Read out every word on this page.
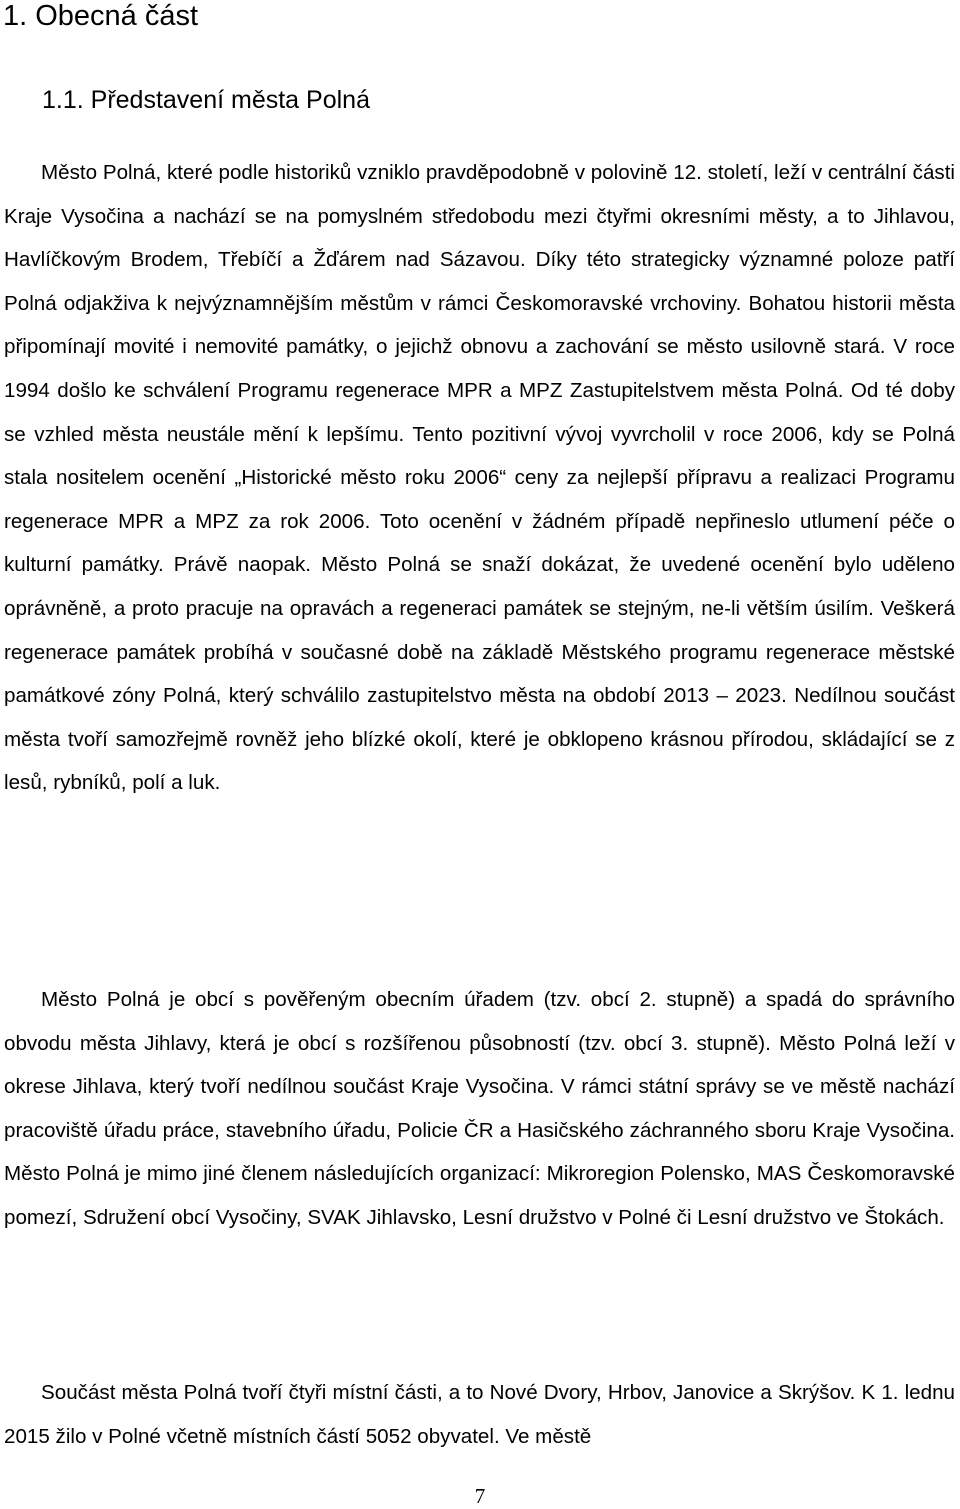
1. Obecná část
1.1. Představení města Polná

Město Polná, které podle historiků vzniklo pravděpodobně v polovině 12. století, leží v centrální části Kraje Vysočina a nachází se na pomyslném středobodu mezi čtyřmi okresními městy, a to Jihlavou, Havlíčkovým Brodem, Třebíčí a Žďárem nad Sázavou. Díky této strategicky významné poloze patří Polná odjakživa k nejvýznamnějším městům v rámci Českomoravské vrchoviny. Bohatou historii města připomínají movité i nemovité památky, o jejichž obnovu a zachování se město usilovně stará. V roce 1994 došlo ke schválení Programu regenerace MPR a MPZ Zastupitelstvem města Polná. Od té doby se vzhled města neustále mění k lepšímu. Tento pozitivní vývoj vyvrcholil v roce 2006, kdy se Polná stala nositelem ocenění „Historické město roku 2006“ ceny za nejlepší přípravu a realizaci Programu regenerace MPR a MPZ za rok 2006. Toto ocenění v žádném případě nepřineslo utlumení péče o kulturní památky. Právě naopak. Město Polná se snaží dokázat, že uvedené ocenění bylo uděleno oprávněně, a proto pracuje na opravách a regeneraci památek se stejným, ne-li větším úsilím. Veškerá regenerace památek probíhá v současné době na základě Městského programu regenerace městské památkové zóny Polná, který schválilo zastupitelstvo města na období 2013 – 2023. Nedílnou součást města tvoří samozřejmě rovněž jeho blízké okolí, které je obklopeno krásnou přírodou, skládající se z lesů, rybníků, polí a luk.

Město Polná je obcí s pověřeným obecním úřadem (tzv. obcí 2. stupně) a spadá do správního obvodu města Jihlavy, která je obcí s rozšířenou působností (tzv. obcí 3. stupně). Město Polná leží v okrese Jihlava, který tvoří nedílnou součást Kraje Vysočina. V rámci státní správy se ve městě nachází pracoviště úřadu práce, stavebního úřadu, Policie ČR a Hasičského záchranného sboru Kraje Vysočina. Město Polná je mimo jiné členem následujících organizací: Mikroregion Polensko, MAS Českomoravské pomezí, Sdružení obcí Vysočiny, SVAK Jihlavsko, Lesní družstvo v Polné či Lesní družstvo ve Štokách.

Součást města Polná tvoří čtyři místní části, a to Nové Dvory, Hrbov, Janovice a Skrýšov. K 1. lednu 2015 žilo v Polné včetně místních částí 5052 obyvatel. Ve městě

7
